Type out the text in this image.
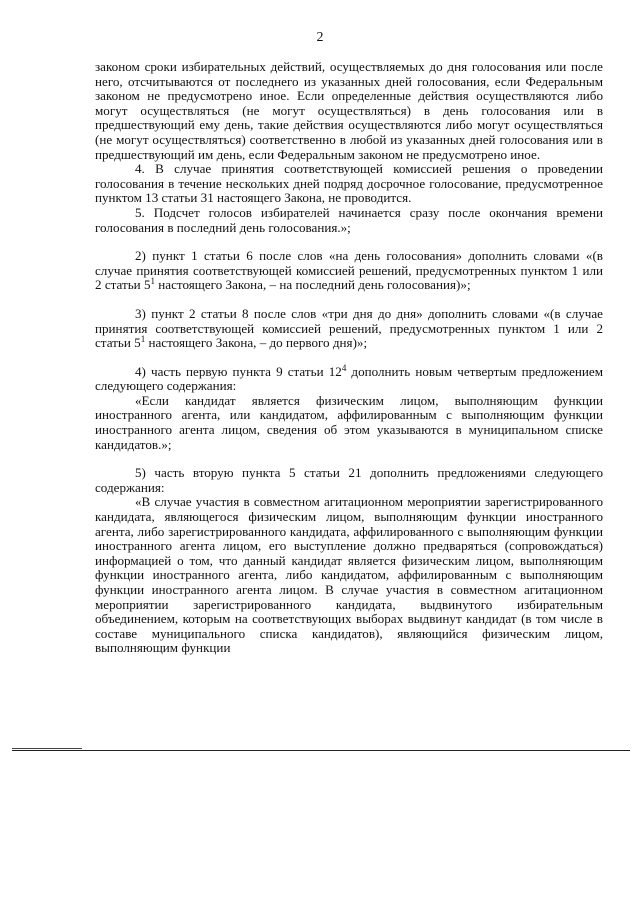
2

законом сроки избирательных действий, осуществляемых до дня голосования или после него, отсчитываются от последнего из указанных дней голосования, если Федеральным законом не предусмотрено иное. Если определенные действия осуществляются либо могут осуществляться (не могут осуществляться) в день голосования или в предшествующий ему день, такие действия осуществляются либо могут осуществляться (не могут осуществляться) соответственно в любой из указанных дней голосования или в предшествующий им день, если Федеральным законом не предусмотрено иное.

4. В случае принятия соответствующей комиссией решения о проведении голосования в течение нескольких дней подряд досрочное голосование, предусмотренное пунктом 13 статьи 31 настоящего Закона, не проводится.

5. Подсчет голосов избирателей начинается сразу после окончания времени голосования в последний день голосования.»;

2) пункт 1 статьи 6 после слов «на день голосования» дополнить словами «(в случае принятия соответствующей комиссией решений, предусмотренных пунктом 1 или 2 статьи $5^1$ настоящего Закона, – на последний день голосования)»;

3) пункт 2 статьи 8 после слов «три дня до дня» дополнить словами «(в случае принятия соответствующей комиссией решений, предусмотренных пунктом 1 или 2 статьи $5^1$ настоящего Закона, – до первого дня)»;

4) часть первую пункта 9 статьи $12^4$ дополнить новым четвертым предложением следующего содержания:

«Если кандидат является физическим лицом, выполняющим функции иностранного агента, или кандидатом, аффилированным с выполняющим функции иностранного агента лицом, сведения об этом указываются в муниципальном списке кандидатов.»;

5) часть вторую пункта 5 статьи 21 дополнить предложениями следующего содержания:

«В случае участия в совместном агитационном мероприятии зарегистрированного кандидата, являющегося физическим лицом, выполняющим функции иностранного агента, либо зарегистрированного кандидата, аффилированного с выполняющим функции иностранного агента лицом, его выступление должно предваряться (сопровождаться) информацией о том, что данный кандидат является физическим лицом, выполняющим функции иностранного агента, либо кандидатом, аффилированным с выполняющим функции иностранного агента лицом. В случае участия в совместном агитационном мероприятии зарегистрированного кандидата, выдвинутого избирательным объединением, которым на соответствующих выборах выдвинут кандидат (в том числе в составе муниципального списка кандидатов), являющийся физическим лицом, выполняющим функции
